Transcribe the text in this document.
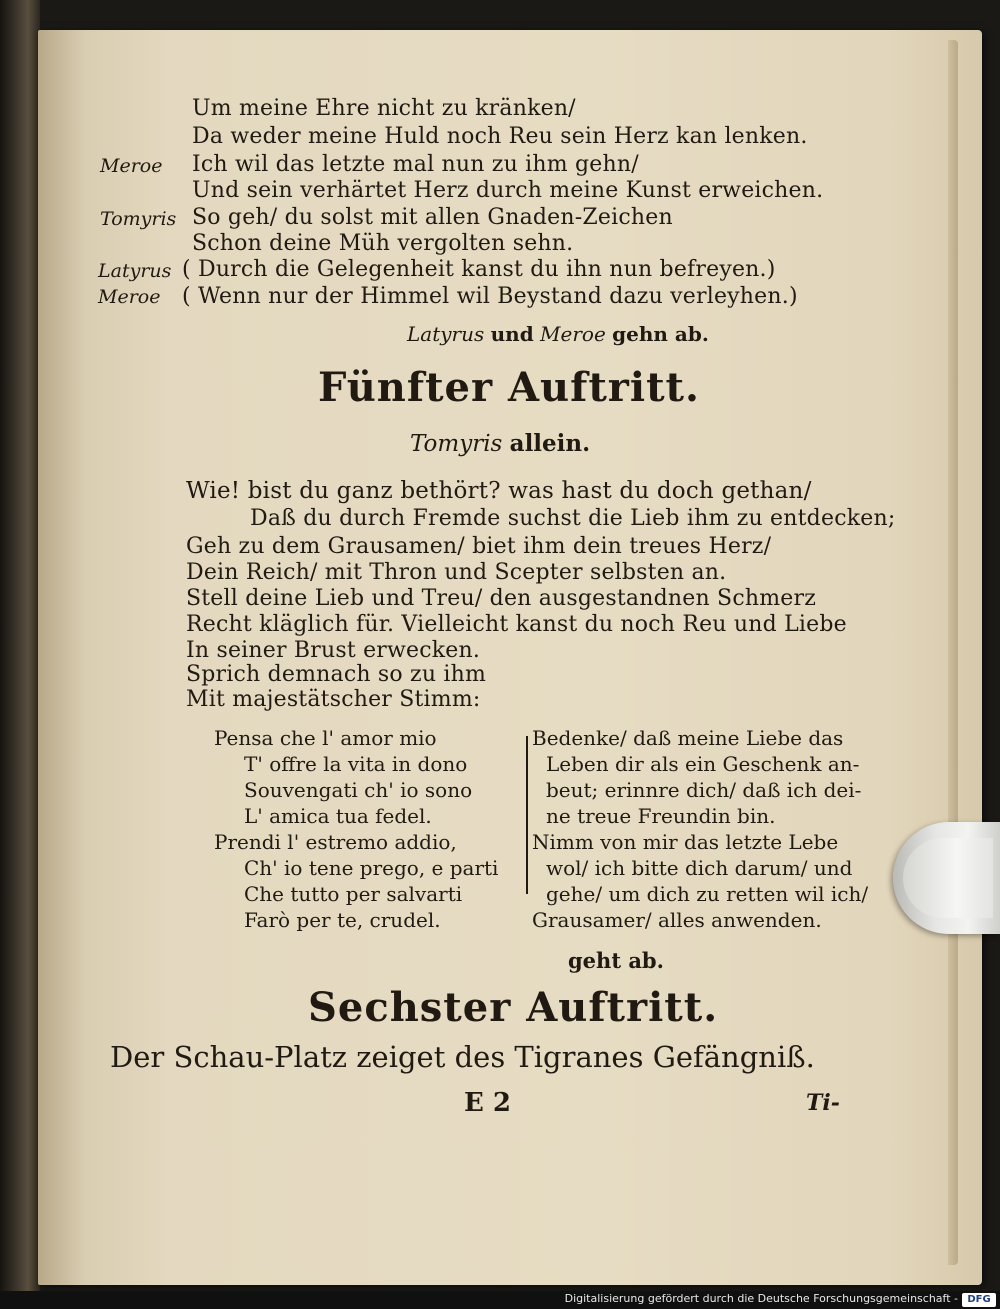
Meroe
Tomyris
Latyrus
Meroe
Um meine Ehre nicht zu kränken/
Da weder meine Huld noch Reu sein Herz kan lenken.
Ich wil das letzte mal nun zu ihm gehn/
Und sein verhärtet Herz durch meine Kunst erweichen.
So geh/ du solst mit allen Gnaden-Zeichen
Schon deine Müh vergolten sehn.
( Durch die Gelegenheit kanst du ihn nun befreyen.)
( Wenn nur der Himmel wil Beystand dazu verleyhen.)
Latyrus und Meroe gehn ab.
Fünfter Auftritt.
Tomyris allein.
Wie! bist du ganz bethört? was hast du doch gethan/
Daß du durch Fremde suchst die Lieb ihm zu entdecken;
Geh zu dem Grausamen/ biet ihm dein treues Herz/
Dein Reich/ mit Thron und Scepter selbsten an.
Stell deine Lieb und Treu/ den ausgestandnen Schmerz
Recht kläglich für. Vielleicht kanst du noch Reu und Liebe
In seiner Brust erwecken.
Sprich demnach so zu ihm
Mit majestätscher Stimm:
Pensa che l' amor mio
T' offre la vita in dono
Souvengati ch' io sono
L' amica tua fedel.
Prendi l' estremo addio,
Ch' io tene prego, e parti
Che tutto per salvarti
Farò per te, crudel.
Bedenke/ daß meine Liebe das
Leben dir als ein Geschenk an-
beut; erinnre dich/ daß ich dei-
ne treue Freundin bin.
Nimm von mir das letzte Lebe
wol/ ich bitte dich darum/ und
gehe/ um dich zu retten wil ich/
Grausamer/ alles anwenden.
geht ab.
Sechster Auftritt.
Der Schau-Platz zeiget des Tigranes Gefängniß.
E 2	Ti-
Digitalisierung gefördert durch die Deutsche Forschungsgemeinschaft - DFG
